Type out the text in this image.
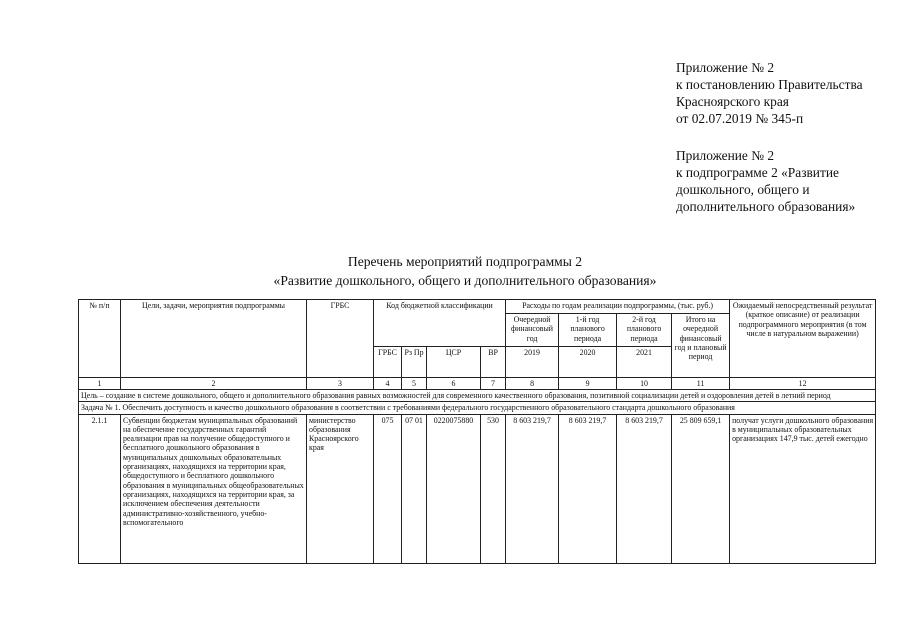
Приложение № 2
к постановлению Правительства
Красноярского края
от 02.07.2019 № 345-п
Приложение № 2
к подпрограмме 2 «Развитие
дошкольного, общего и
дополнительного образования»
Перечень мероприятий подпрограммы 2
«Развитие дошкольного, общего и дополнительного образования»
№ п/п	Цели, задачи, мероприятия подпрограммы	ГРБС	Код бюджетной классификации				Расходы по годам реализации подпрограммы, (тыс. руб.)				Ожидаемый непосредственный результат (краткое описание) от реализации подпрограммного мероприятия (в том числе в натуральном выражении)
							Очередной финансовый год	1-й год планового периода	2-й год планового периода	Итого на очередной финансовый год и плановый период	
			ГРБС	Рз Пр	ЦСР	ВР	2019	2020	2021		
1	2	3	4	5	6	7	8	9	10	11	12
Цель – создание в системе дошкольного, общего и дополнительного образования равных возможностей для современного качественного образования, позитивной социализации детей и оздоровления детей в летний период											
Задача № 1. Обеспечить доступность и качество дошкольного образования в соответствии с требованиями федерального государственного образовательного стандарта дошкольного образования											
2.1.1	Субвенции бюджетам муниципальных образований на обеспечение государственных гарантий реализации прав на получение общедоступного и бесплатного дошкольного образования в муниципальных дошкольных образовательных организациях, находящихся на территории края, общедоступного и бесплатного дошкольного образования в муниципальных общеобразовательных организациях, находящихся на территории края, за исключением обеспечения деятельности административно-хозяйственного, учебно-вспомогательного	министерство образования Красноярского края	075	07 01	0220075880	530	8 603 219,7	8 603 219,7	8 603 219,7	25 809 659,1	получат услуги дошкольного образования в муниципальных образовательных организациях 147,9 тыс. детей ежегодно
